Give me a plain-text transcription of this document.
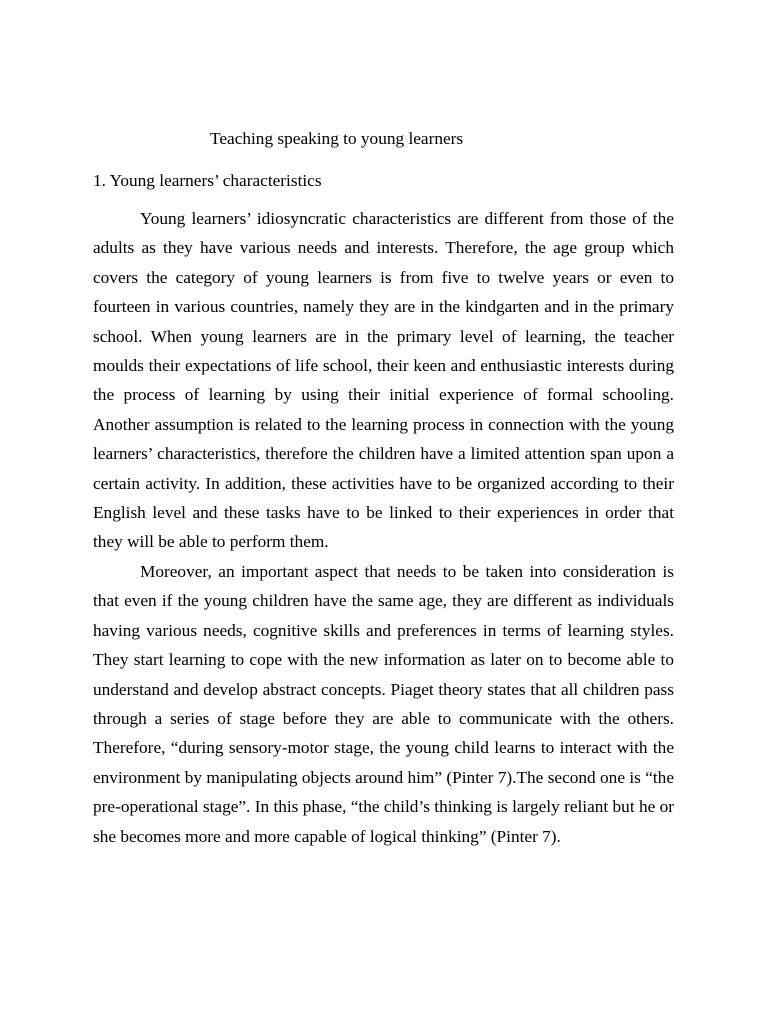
Teaching speaking to young learners
1. Young learners’ characteristics

Young learners’ idiosyncratic characteristics are different from those of the adults as they have various needs and interests. Therefore, the age group which covers the category of young learners is from five to twelve years or even to fourteen in various countries, namely they are in the kindgarten and in the primary school. When young learners are in the primary level of learning, the teacher moulds their expectations of life school, their keen and enthusiastic interests during the process of learning by using their initial experience of formal schooling. Another assumption is related to the learning process in connection with the young learners’ characteristics, therefore the children have a limited attention span upon a certain activity. In addition, these activities have to be organized according to their English level and these tasks have to be linked to their experiences in order that they will be able to perform them.

Moreover, an important aspect that needs to be taken into consideration is that even if the young children have the same age, they are different as individuals having various needs, cognitive skills and preferences in terms of learning styles. They start learning to cope with the new information as later on to become able to understand and develop abstract concepts. Piaget theory states that all children pass through a series of stage before they are able to communicate with the others. Therefore, “during sensory-motor stage, the young child learns to interact with the environment by manipulating objects around him” (Pinter 7).The second one is “the pre-operational stage”. In this phase, “the child’s thinking is largely reliant but he or she becomes more and more capable of logical thinking” (Pinter 7).
